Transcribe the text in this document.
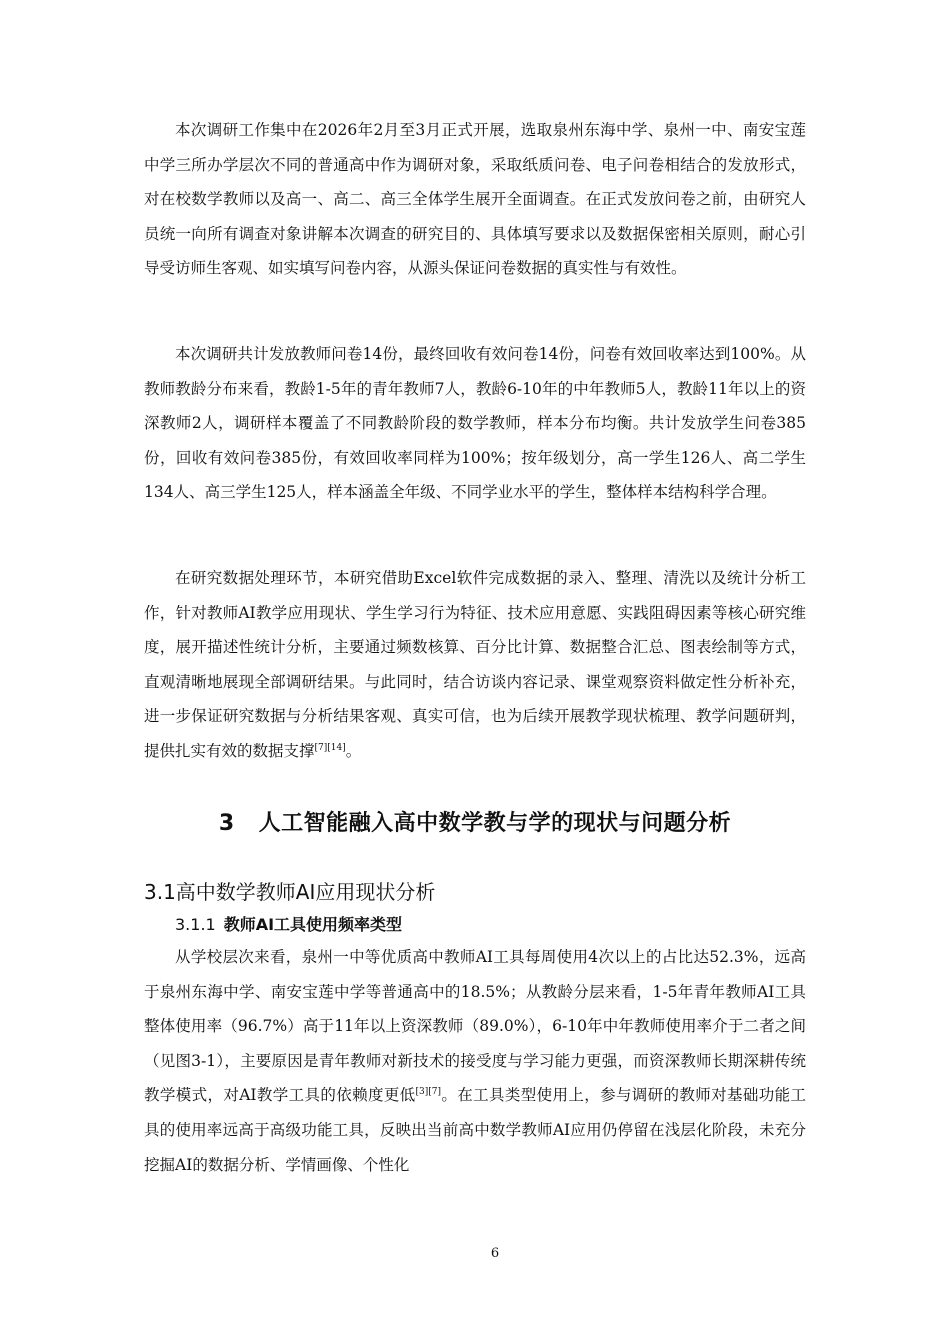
本次调研工作集中在2026年2月至3月正式开展，选取泉州东海中学、泉州一中、南安宝莲中学三所办学层次不同的普通高中作为调研对象，采取纸质问卷、电子问卷相结合的发放形式，对在校数学教师以及高一、高二、高三全体学生展开全面调查。在正式发放问卷之前，由研究人员统一向所有调查对象讲解本次调查的研究目的、具体填写要求以及数据保密相关原则，耐心引导受访师生客观、如实填写问卷内容，从源头保证问卷数据的真实性与有效性。

本次调研共计发放教师问卷14份，最终回收有效问卷14份，问卷有效回收率达到100%。从教师教龄分布来看，教龄1-5年的青年教师7人，教龄6-10年的中年教师5人，教龄11年以上的资深教师2人，调研样本覆盖了不同教龄阶段的数学教师，样本分布均衡。共计发放学生问卷385份，回收有效问卷385份，有效回收率同样为100%；按年级划分，高一学生126人、高二学生134人、高三学生125人，样本涵盖全年级、不同学业水平的学生，整体样本结构科学合理。

在研究数据处理环节，本研究借助Excel软件完成数据的录入、整理、清洗以及统计分析工作，针对教师AI教学应用现状、学生学习行为特征、技术应用意愿、实践阻碍因素等核心研究维度，展开描述性统计分析，主要通过频数核算、百分比计算、数据整合汇总、图表绘制等方式，直观清晰地展现全部调研结果。与此同时，结合访谈内容记录、课堂观察资料做定性分析补充，进一步保证研究数据与分析结果客观、真实可信，也为后续开展教学现状梳理、教学问题研判，提供扎实有效的数据支撑[7][14]。

3 人工智能融入高中数学教与学的现状与问题分析
3.1高中数学教师AI应用现状分析
3.1.1 教师AI工具使用频率类型

从学校层次来看，泉州一中等优质高中教师AI工具每周使用4次以上的占比达52.3%，远高于泉州东海中学、南安宝莲中学等普通高中的18.5%；从教龄分层来看，1-5年青年教师AI工具整体使用率（96.7%）高于11年以上资深教师（89.0%），6-10年中年教师使用率介于二者之间（见图3-1），主要原因是青年教师对新技术的接受度与学习能力更强，而资深教师长期深耕传统教学模式，对AI教学工具的依赖度更低[3][7]。在工具类型使用上，参与调研的教师对基础功能工具的使用率远高于高级功能工具，反映出当前高中数学教师AI应用仍停留在浅层化阶段，未充分挖掘AI的数据分析、学情画像、个性化

6
